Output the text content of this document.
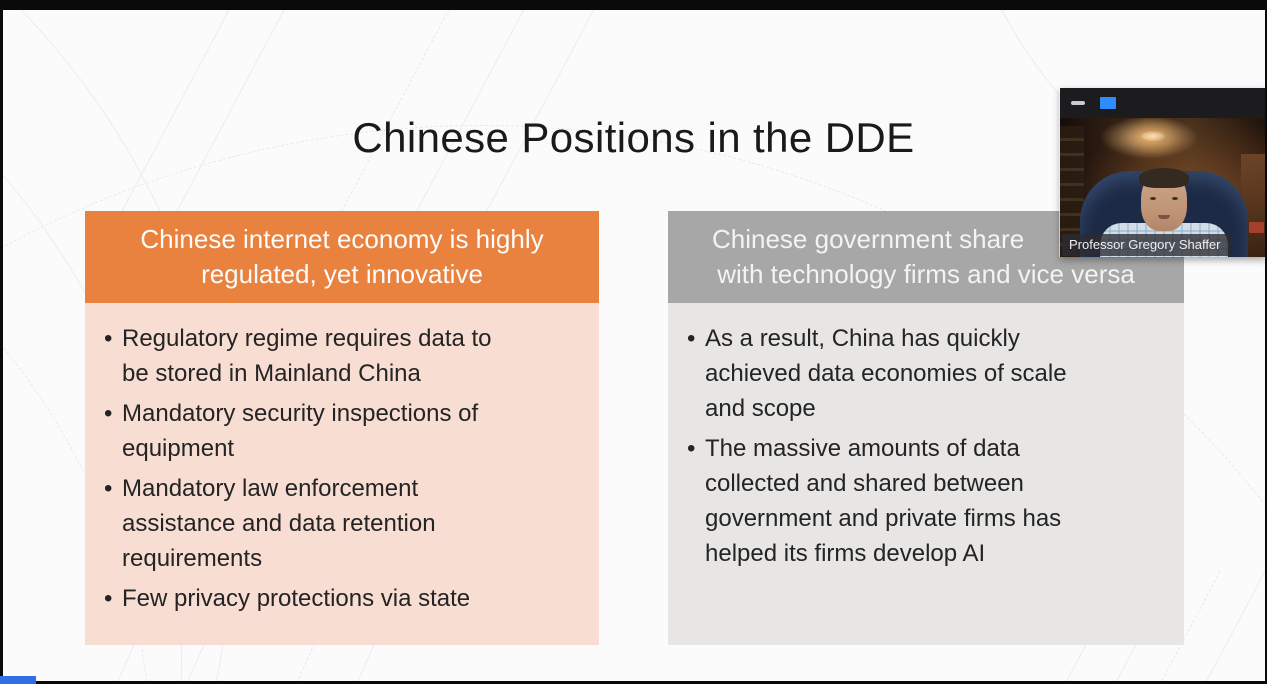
Chinese Positions in the DDE
Chinese internet economy is highly
regulated, yet innovative
• Regulatory regime requires data to
be stored in Mainland China
• Mandatory security inspections of
equipment
• Mandatory law enforcement
assistance and data retention
requirements
• Few privacy protections via state
Chinese government share
with technology firms and vice versa
• As a result, China has quickly
achieved data economies of scale
and scope
• The massive amounts of data
collected and shared between
government and private firms has
helped its firms develop AI
Professor Gregory Shaffer
